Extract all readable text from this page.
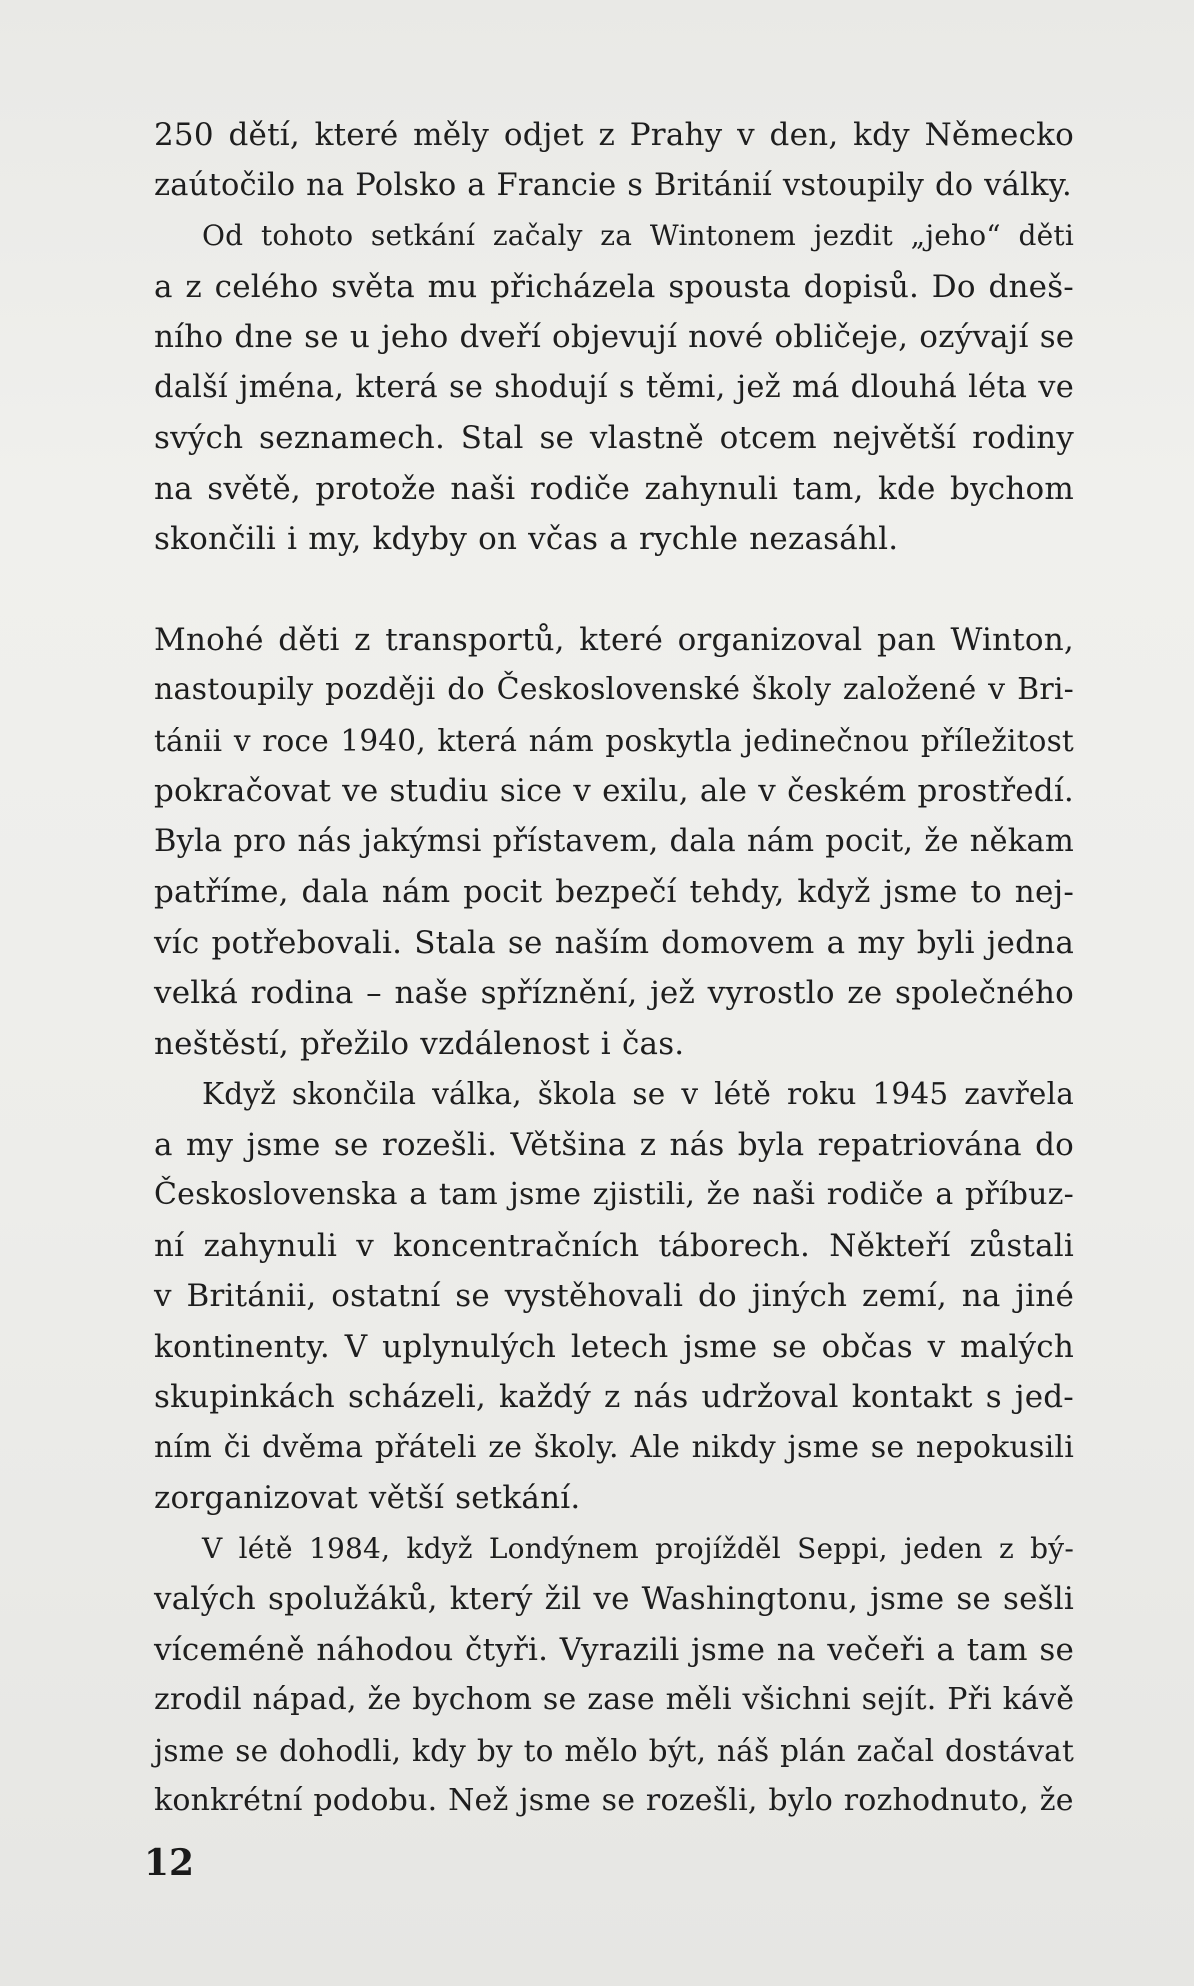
250 dětí, které měly odjet z Prahy v den, kdy Německo
zaútočilo na Polsko a Francie s Británií vstoupily do války.

Od tohoto setkání začaly za Wintonem jezdit „jeho“ děti
a z celého světa mu přicházela spousta dopisů. Do dneš-
ního dne se u jeho dveří objevují nové obličeje, ozývají se
další jména, která se shodují s těmi, jež má dlouhá léta ve
svých seznamech. Stal se vlastně otcem největší rodiny
na světě, protože naši rodiče zahynuli tam, kde bychom
skončili i my, kdyby on včas a rychle nezasáhl.

Mnohé děti z transportů, které organizoval pan Winton,
nastoupily později do Československé školy založené v Bri-
tánii v roce 1940, která nám poskytla jedinečnou příležitost
pokračovat ve studiu sice v exilu, ale v českém prostředí.
Byla pro nás jakýmsi přístavem, dala nám pocit, že někam
patříme, dala nám pocit bezpečí tehdy, když jsme to nej-
víc potřebovali. Stala se naším domovem a my byli jedna
velká rodina – naše spříznění, jež vyrostlo ze společného
neštěstí, přežilo vzdálenost i čas.

Když skončila válka, škola se v létě roku 1945 zavřela
a my jsme se rozešli. Většina z nás byla repatriována do
Československa a tam jsme zjistili, že naši rodiče a příbuz-
ní zahynuli v koncentračních táborech. Někteří zůstali
v Británii, ostatní se vystěhovali do jiných zemí, na jiné
kontinenty. V uplynulých letech jsme se občas v malých
skupinkách scházeli, každý z nás udržoval kontakt s jed-
ním či dvěma přáteli ze školy. Ale nikdy jsme se nepokusili
zorganizovat větší setkání.

V létě 1984, když Londýnem projížděl Seppi, jeden z bý-
valých spolužáků, který žil ve Washingtonu, jsme se sešli
víceméně náhodou čtyři. Vyrazili jsme na večeři a tam se
zrodil nápad, že bychom se zase měli všichni sejít. Při kávě
jsme se dohodli, kdy by to mělo být, náš plán začal dostávat
konkrétní podobu. Než jsme se rozešli, bylo rozhodnuto, že

12
